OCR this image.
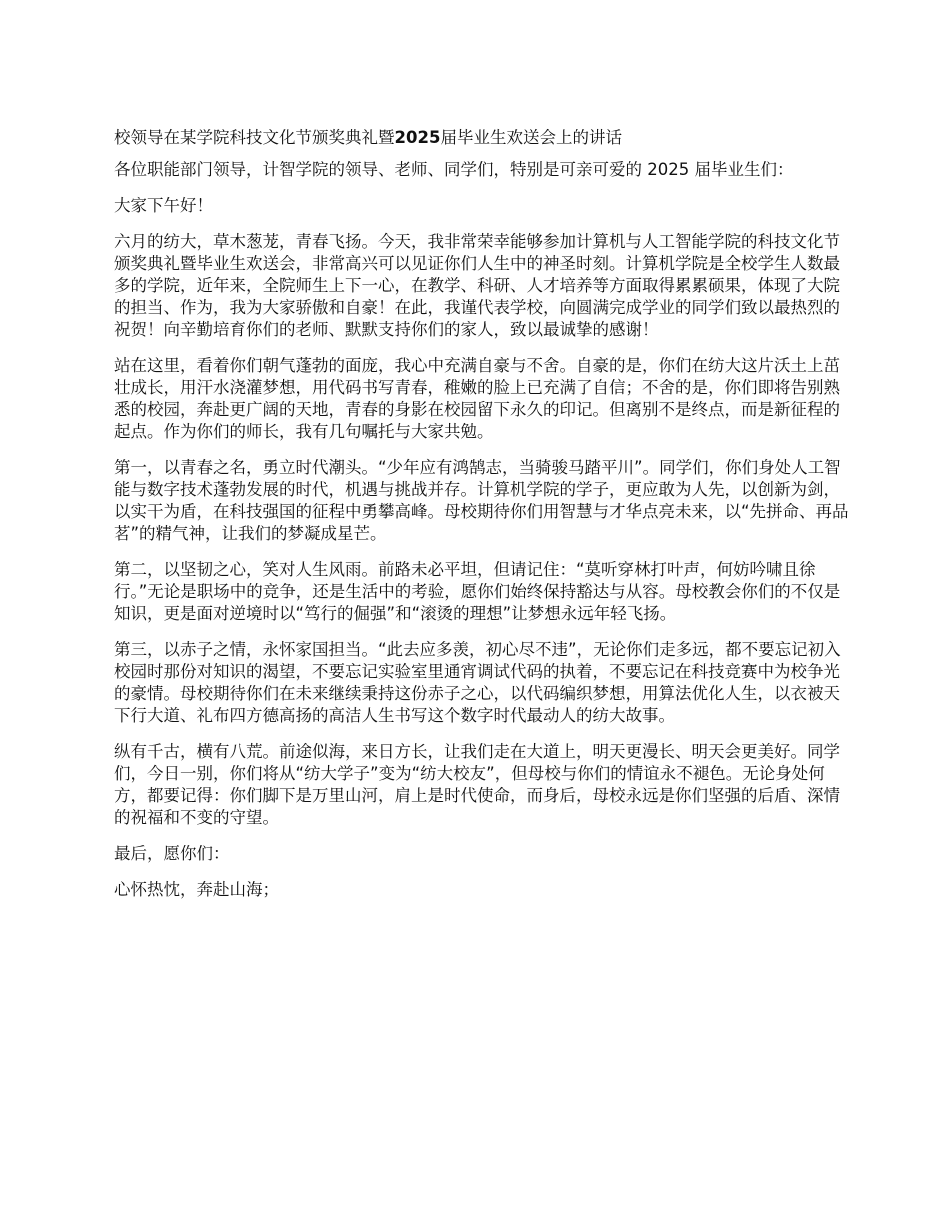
校领导在某学院科技文化节颁奖典礼暨2025届毕业生欢送会上的讲话

各位职能部门领导，计智学院的领导、老师、同学们，特别是可亲可爱的 2025 届毕业生们：

大家下午好！

六月的纺大，草木葱茏，青春飞扬。今天，我非常荣幸能够参加计算机与人工智能学院的科技文化节颁奖典礼暨毕业生欢送会，非常高兴可以见证你们人生中的神圣时刻。计算机学院是全校学生人数最多的学院，近年来，全院师生上下一心，在教学、科研、人才培养等方面取得累累硕果，体现了大院的担当、作为，我为大家骄傲和自豪！在此，我谨代表学校，向圆满完成学业的同学们致以最热烈的祝贺！向辛勤培育你们的老师、默默支持你们的家人，致以最诚挚的感谢！

站在这里，看着你们朝气蓬勃的面庞，我心中充满自豪与不舍。自豪的是，你们在纺大这片沃土上茁壮成长，用汗水浇灌梦想，用代码书写青春，稚嫩的脸上已充满了自信；不舍的是，你们即将告别熟悉的校园，奔赴更广阔的天地，青春的身影在校园留下永久的印记。但离别不是终点，而是新征程的起点。作为你们的师长，我有几句嘱托与大家共勉。

第一，以青春之名，勇立时代潮头。“少年应有鸿鹄志，当骑骏马踏平川”。同学们，你们身处人工智能与数字技术蓬勃发展的时代，机遇与挑战并存。计算机学院的学子，更应敢为人先，以创新为剑，以实干为盾，在科技强国的征程中勇攀高峰。母校期待你们用智慧与才华点亮未来，以“先拼命、再品茗”的精气神，让我们的梦凝成星芒。

第二，以坚韧之心，笑对人生风雨。前路未必平坦，但请记住：“莫听穿林打叶声，何妨吟啸且徐行。”无论是职场中的竞争，还是生活中的考验，愿你们始终保持豁达与从容。母校教会你们的不仅是知识，更是面对逆境时以“笃行的倔强”和“滚烫的理想”让梦想永远年轻飞扬。

第三，以赤子之情，永怀家国担当。“此去应多羡，初心尽不违”，无论你们走多远，都不要忘记初入校园时那份对知识的渴望，不要忘记实验室里通宵调试代码的执着，不要忘记在科技竞赛中为校争光的豪情。母校期待你们在未来继续秉持这份赤子之心，以代码编织梦想，用算法优化人生，以衣被天下行大道、礼布四方德高扬的高洁人生书写这个数字时代最动人的纺大故事。

纵有千古，横有八荒。前途似海，来日方长，让我们走在大道上，明天更漫长、明天会更美好。同学们，今日一别，你们将从“纺大学子”变为“纺大校友”，但母校与你们的情谊永不褪色。无论身处何方，都要记得：你们脚下是万里山河，肩上是时代使命，而身后，母校永远是你们坚强的后盾、深情的祝福和不变的守望。

最后，愿你们：

心怀热忱，奔赴山海；
